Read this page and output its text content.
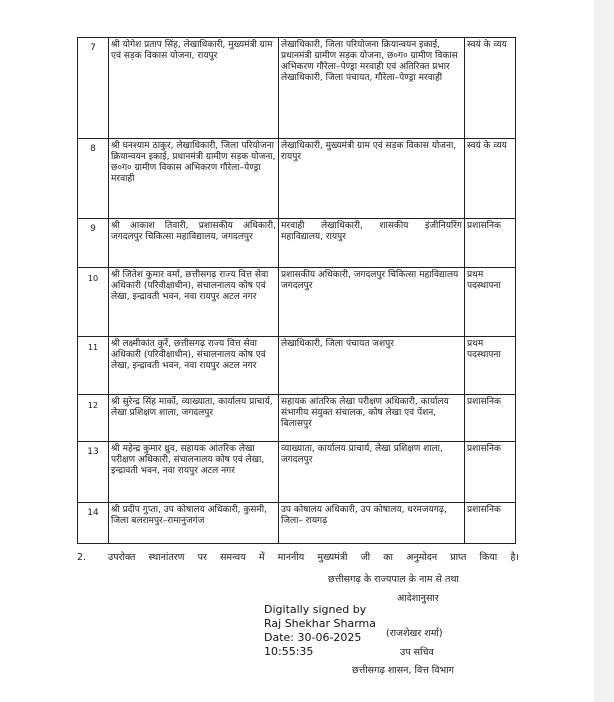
7	श्री योगेश प्रताप सिंह, लेखाधिकारी, मुख्यमंत्री ग्राम एवं सड़क विकास योजना, रायपुर	लेखाधिकारी, जिला परियोजना क्रियान्वयन इकाई, प्रधानमंत्री ग्रामीण सड़क योजना, छ०ग० ग्रामीण विकास अभिकरण गौरेला–पेण्ड्रा मरवाही एवं अतिरिक्त प्रभार लेखाधिकारी, जिला पंचायत, गौरेला–पेण्ड्रा मरवाही	स्वयं के व्यय
8	श्री घनश्याम ठाकुर, लेखाधिकारी, जिला परियोजना क्रियान्वयन इकाई, प्रधानमंत्री ग्रामीण सड़क योजना, छ०ग० ग्रामीण विकास अभिकरण गौरेला–पेण्ड्रा मरवाही	लेखाधिकारी, मुख्यमंत्री ग्राम एवं सड़क विकास योजना, रायपुर	स्वयं के व्यय
9	श्री आकाश तिवारी, प्रशासकीय अधिकारी, जगदलपुर चिकित्सा महाविद्यालय, जगदलपुर	मरवाही लेखाधिकारी, शासकीय इंजीनियरिंग महाविद्यालय, रायपुर	प्रशासनिक
10	श्री जितेश कुमार वर्मा, छत्तीसगढ़ राज्य वित्त सेवा अधिकारी (परिवीक्षाधीन), संचालनालय कोष एवं लेखा, इन्द्रावती भवन, नवा रायपुर अटल नगर	प्रशासकीय अधिकारी, जगदलपुर चिकित्सा महाविद्यालय जगदलपुर	प्रथम पदस्थापना
11	श्री लक्ष्मीकांत कुर्रे, छत्तीसगढ़ राज्य वित्त सेवा अधिकारी (परिवीक्षाधीन), संचालनालय कोष एवं लेखा, इन्द्रावती भवन, नवा रायपुर अटल नगर	लेखाधिकारी, जिला पंचायत जशपुर	प्रथम पदस्थापना
12	श्री सुरेन्द्र सिंह मार्को, व्याख्याता, कार्यालय प्राचार्य, लेखा प्रशिक्षण शाला, जगदलपुर	सहायक आंतरिक लेखा परीक्षण अधिकारी, कार्यालय संभागीय संयुक्त संचालक, कोष लेखा एवं पेंशन, बिलासपुर	प्रशासनिक
13	श्री महेन्द्र कुमार ध्रुव, सहायक आंतरिक लेखा परीक्षण अधिकारी, संचालनालय कोष एवं लेखा, इन्द्रावती भवन, नवा रायपुर अटल नगर	व्याख्याता, कार्यालय प्राचार्य, लेखा प्रशिक्षण शाला, जगदलपुर	प्रशासनिक
14	श्री प्रदीप गुप्ता, उप कोषालय अधिकारी, कुसमी, जिला बलरामपुर–रामानुजगंज	उप कोषालय अधिकारी, उप कोषालय, धरमजयगढ़, जिला– रायगढ़	प्रशासनिक
2. उपरोक्त स्थानांतरण पर समन्वय में माननीय मुख्यमंत्री जी का अनुमोदन प्राप्त किया है।
छत्तीसगढ़ के राज्यपाल के नाम से तथा
आदेशानुसार
Digitally signed by
Raj Shekhar Sharma
Date: 30-06-2025
10:55:35
(राजशेखर शर्मा)
उप सचिव
छत्तीसगढ़ शासन, वित्त विभाग
